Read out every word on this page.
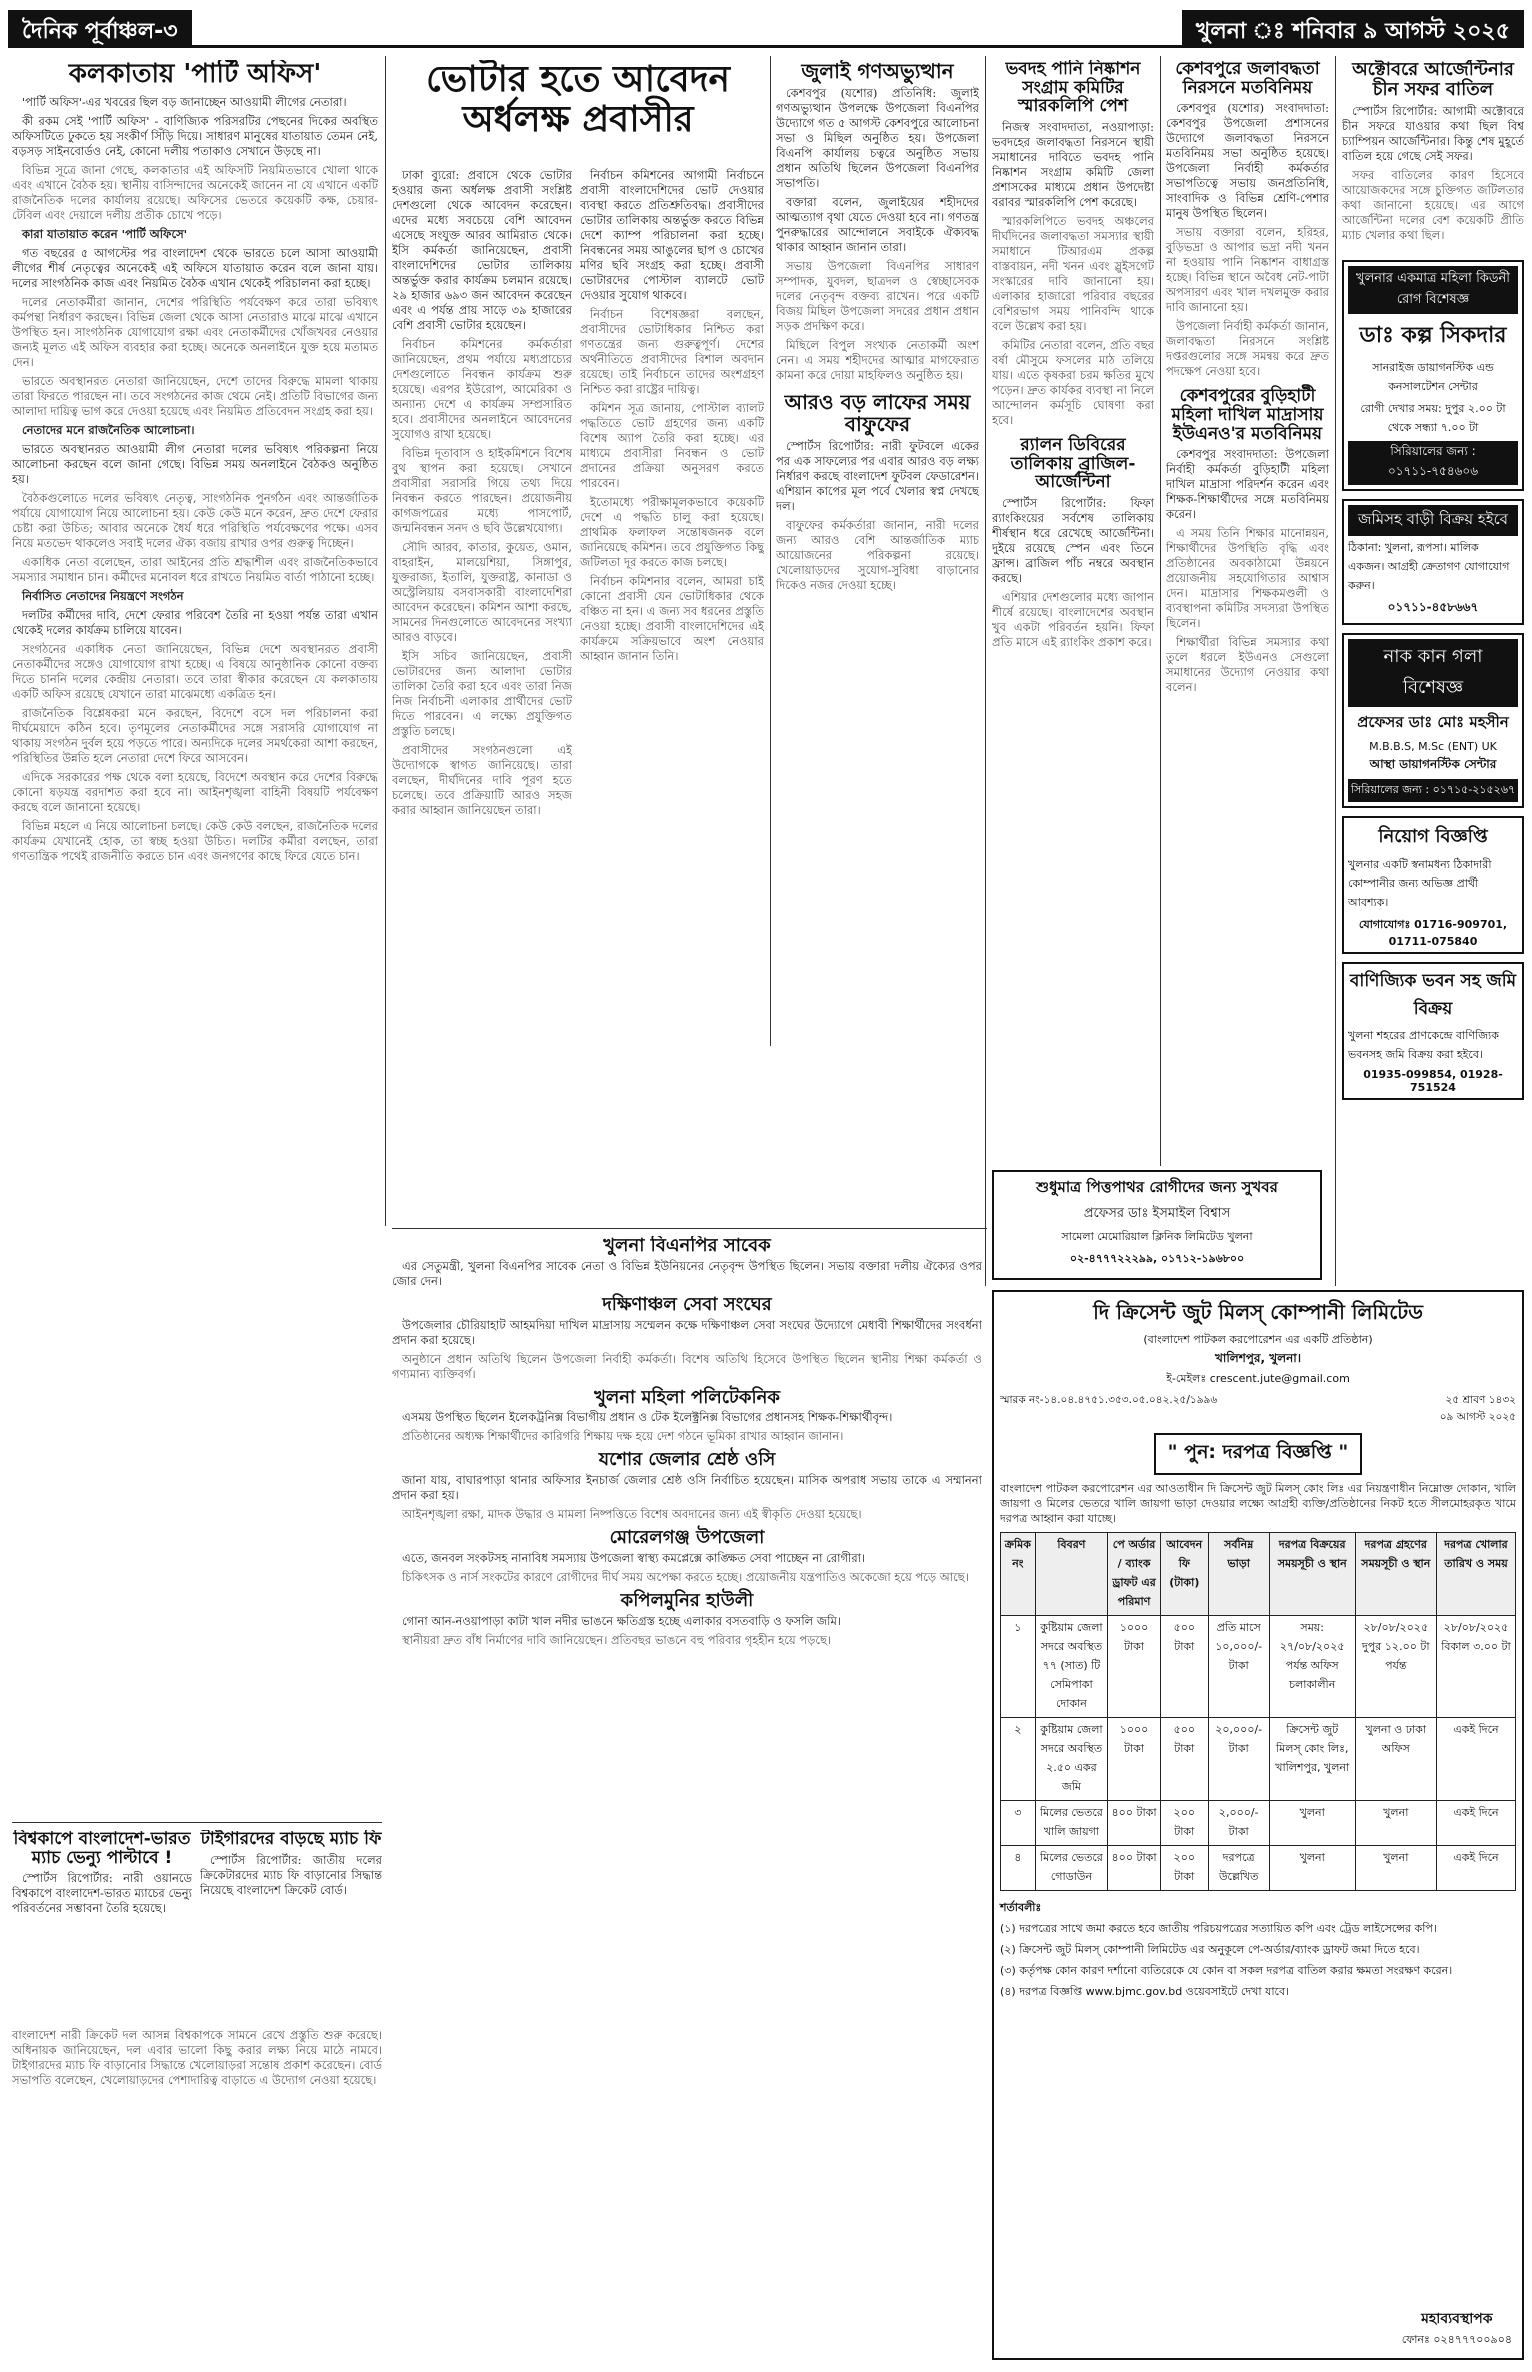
দৈনিক পূর্বাঞ্চল-৩	খুলনা ঃ শনিবার ৯ আগস্ট ২০২৫
কলকাতায় 'পার্টি অফিস'

'পার্টি অফিস'-এর খবরের ছিল বড় জানাচ্ছেন আওয়ামী লীগের নেতারা।

কী রকম সেই 'পার্টি অফিস' - বাণিজ্যিক পরিসরটির পেছনের দিকের অবস্থিত অফিসটিতে ঢুকতে হয় সংকীর্ণ সিঁড়ি দিয়ে। সাধারণ মানুষের যাতায়াত তেমন নেই, বড়সড় সাইনবোর্ডও নেই, কোনো দলীয় পতাকাও সেখানে উড়ছে না।

বিভিন্ন সূত্রে জানা গেছে, কলকাতার এই অফিসটি নিয়মিতভাবে খোলা থাকে এবং এখানে বৈঠক হয়। স্থানীয় বাসিন্দাদের অনেকেই জানেন না যে এখানে একটি রাজনৈতিক দলের কার্যালয় রয়েছে। অফিসের ভেতরে কয়েকটি কক্ষ, চেয়ার-টেবিল এবং দেয়ালে দলীয় প্রতীক চোখে পড়ে।

কারা যাতায়াত করেন 'পার্টি অফিসে'

গত বছরের ৫ আগস্টের পর বাংলাদেশ থেকে ভারতে চলে আসা আওয়ামী লীগের শীর্ষ নেতৃত্বের অনেকেই এই অফিসে যাতায়াত করেন বলে জানা যায়। দলের সাংগঠনিক কাজ এবং নিয়মিত বৈঠক এখান থেকেই পরিচালনা করা হচ্ছে।

দলের নেতাকর্মীরা জানান, দেশের পরিস্থিতি পর্যবেক্ষণ করে তারা ভবিষ্যৎ কর্মপন্থা নির্ধারণ করছেন। বিভিন্ন জেলা থেকে আসা নেতারাও মাঝে মাঝে এখানে উপস্থিত হন। সাংগঠনিক যোগাযোগ রক্ষা এবং নেতাকর্মীদের খোঁজখবর নেওয়ার জন্যই মূলত এই অফিস ব্যবহার করা হচ্ছে। অনেকে অনলাইনে যুক্ত হয়ে মতামত দেন।

ভারতে অবস্থানরত নেতারা জানিয়েছেন, দেশে তাদের বিরুদ্ধে মামলা থাকায় তারা ফিরতে পারছেন না। তবে সংগঠনের কাজ থেমে নেই। প্রতিটি বিভাগের জন্য আলাদা দায়িত্ব ভাগ করে দেওয়া হয়েছে এবং নিয়মিত প্রতিবেদন সংগ্রহ করা হয়।

নেতাদের মনে রাজনৈতিক আলোচনা।

ভারতে অবস্থানরত আওয়ামী লীগ নেতারা দলের ভবিষ্যৎ পরিকল্পনা নিয়ে আলোচনা করছেন বলে জানা গেছে। বিভিন্ন সময় অনলাইনে বৈঠকও অনুষ্ঠিত হয়।

বৈঠকগুলোতে দলের ভবিষ্যৎ নেতৃত্ব, সাংগঠনিক পুনর্গঠন এবং আন্তর্জাতিক পর্যায়ে যোগাযোগ নিয়ে আলোচনা হয়। কেউ কেউ মনে করেন, দ্রুত দেশে ফেরার চেষ্টা করা উচিত; আবার অনেকে ধৈর্য ধরে পরিস্থিতি পর্যবেক্ষণের পক্ষে। এসব নিয়ে মতভেদ থাকলেও সবাই দলের ঐক্য বজায় রাখার ওপর গুরুত্ব দিচ্ছেন।

একাধিক নেতা বলেছেন, তারা আইনের প্রতি শ্রদ্ধাশীল এবং রাজনৈতিকভাবে সমস্যার সমাধান চান। কর্মীদের মনোবল ধরে রাখতে নিয়মিত বার্তা পাঠানো হচ্ছে।

নির্বাসিত নেতাদের নিয়ন্ত্রণে সংগঠন

দলটির কর্মীদের দাবি, দেশে ফেরার পরিবেশ তৈরি না হওয়া পর্যন্ত তারা এখান থেকেই দলের কার্যক্রম চালিয়ে যাবেন।

সংগঠনের একাধিক নেতা জানিয়েছেন, বিভিন্ন দেশে অবস্থানরত প্রবাসী নেতাকর্মীদের সঙ্গেও যোগাযোগ রাখা হচ্ছে। এ বিষয়ে আনুষ্ঠানিক কোনো বক্তব্য দিতে চাননি দলের কেন্দ্রীয় নেতারা। তবে তারা স্বীকার করেছেন যে কলকাতায় একটি অফিস রয়েছে যেখানে তারা মাঝেমধ্যে একত্রিত হন।

রাজনৈতিক বিশ্লেষকরা মনে করছেন, বিদেশে বসে দল পরিচালনা করা দীর্ঘমেয়াদে কঠিন হবে। তৃণমূলের নেতাকর্মীদের সঙ্গে সরাসরি যোগাযোগ না থাকায় সংগঠন দুর্বল হয়ে পড়তে পারে। অন্যদিকে দলের সমর্থকেরা আশা করছেন, পরিস্থিতির উন্নতি হলে নেতারা দেশে ফিরে আসবেন।

এদিকে সরকারের পক্ষ থেকে বলা হয়েছে, বিদেশে অবস্থান করে দেশের বিরুদ্ধে কোনো ষড়যন্ত্র বরদাশত করা হবে না। আইনশৃঙ্খলা বাহিনী বিষয়টি পর্যবেক্ষণ করছে বলে জানানো হয়েছে।

বিভিন্ন মহলে এ নিয়ে আলোচনা চলছে। কেউ কেউ বলছেন, রাজনৈতিক দলের কার্যক্রম যেখানেই হোক, তা স্বচ্ছ হওয়া উচিত। দলটির কর্মীরা বলছেন, তারা গণতান্ত্রিক পথেই রাজনীতি করতে চান এবং জনগণের কাছে ফিরে যেতে চান।

ভোটার হতে আবেদন
অর্ধলক্ষ প্রবাসীর

ঢাকা ব্যুরো: প্রবাসে থেকে ভোটার হওয়ার জন্য অর্ধলক্ষ প্রবাসী সংশ্লিষ্ট দেশগুলো থেকে আবেদন করেছেন। এদের মধ্যে সবচেয়ে বেশি আবেদন এসেছে সংযুক্ত আরব আমিরাত থেকে। ইসি কর্মকর্তা জানিয়েছেন, প্রবাসী বাংলাদেশিদের ভোটার তালিকায় অন্তর্ভুক্ত করার কার্যক্রম চলমান রয়েছে। ২৯ হাজার ৬৯৩ জন আবেদন করেছেন এবং এ পর্যন্ত প্রায় সাড়ে ৩৯ হাজারের বেশি প্রবাসী ভোটার হয়েছেন।

নির্বাচন কমিশনের কর্মকর্তারা জানিয়েছেন, প্রথম পর্যায়ে মধ্যপ্রাচ্যের দেশগুলোতে নিবন্ধন কার্যক্রম শুরু হয়েছে। এরপর ইউরোপ, আমেরিকা ও অন্যান্য দেশে এ কার্যক্রম সম্প্রসারিত হবে। প্রবাসীদের অনলাইনে আবেদনের সুযোগও রাখা হয়েছে।

বিভিন্ন দূতাবাস ও হাইকমিশনে বিশেষ বুথ স্থাপন করা হয়েছে। সেখানে প্রবাসীরা সরাসরি গিয়ে তথ্য দিয়ে নিবন্ধন করতে পারছেন। প্রয়োজনীয় কাগজপত্রের মধ্যে পাসপোর্ট, জন্মনিবন্ধন সনদ ও ছবি উল্লেখযোগ্য।

সৌদি আরব, কাতার, কুয়েত, ওমান, বাহরাইন, মালয়েশিয়া, সিঙ্গাপুর, যুক্তরাজ্য, ইতালি, যুক্তরাষ্ট্র, কানাডা ও অস্ট্রেলিয়ায় বসবাসকারী বাংলাদেশিরা আবেদন করেছেন। কমিশন আশা করছে, সামনের দিনগুলোতে আবেদনের সংখ্যা আরও বাড়বে।

ইসি সচিব জানিয়েছেন, প্রবাসী ভোটারদের জন্য আলাদা ভোটার তালিকা তৈরি করা হবে এবং তারা নিজ নিজ নির্বাচনী এলাকার প্রার্থীদের ভোট দিতে পারবেন। এ লক্ষ্যে প্রযুক্তিগত প্রস্তুতি চলছে।

প্রবাসীদের সংগঠনগুলো এই উদ্যোগকে স্বাগত জানিয়েছে। তারা বলছেন, দীর্ঘদিনের দাবি পূরণ হতে চলেছে। তবে প্রক্রিয়াটি আরও সহজ করার আহ্বান জানিয়েছেন তারা।

নির্বাচন কমিশনের আগামী নির্বাচনে প্রবাসী বাংলাদেশিদের ভোট দেওয়ার ব্যবস্থা করতে প্রতিশ্রুতিবদ্ধ। প্রবাসীদের ভোটার তালিকায় অন্তর্ভুক্ত করতে বিভিন্ন দেশে ক্যাম্প পরিচালনা করা হচ্ছে। নিবন্ধনের সময় আঙুলের ছাপ ও চোখের মণির ছবি সংগ্রহ করা হচ্ছে। প্রবাসী ভোটারদের পোস্টাল ব্যালটে ভোট দেওয়ার সুযোগ থাকবে।

নির্বাচন বিশেষজ্ঞরা বলছেন, প্রবাসীদের ভোটাধিকার নিশ্চিত করা গণতন্ত্রের জন্য গুরুত্বপূর্ণ। দেশের অর্থনীতিতে প্রবাসীদের বিশাল অবদান রয়েছে। তাই নির্বাচনে তাদের অংশগ্রহণ নিশ্চিত করা রাষ্ট্রের দায়িত্ব।

কমিশন সূত্র জানায়, পোস্টাল ব্যালট পদ্ধতিতে ভোট গ্রহণের জন্য একটি বিশেষ অ্যাপ তৈরি করা হচ্ছে। এর মাধ্যমে প্রবাসীরা নিবন্ধন ও ভোট প্রদানের প্রক্রিয়া অনুসরণ করতে পারবেন।

ইতোমধ্যে পরীক্ষামূলকভাবে কয়েকটি দেশে এ পদ্ধতি চালু করা হয়েছে। প্রাথমিক ফলাফল সন্তোষজনক বলে জানিয়েছে কমিশন। তবে প্রযুক্তিগত কিছু জটিলতা দূর করতে কাজ চলছে।

নির্বাচন কমিশনার বলেন, আমরা চাই কোনো প্রবাসী যেন ভোটাধিকার থেকে বঞ্চিত না হন। এ জন্য সব ধরনের প্রস্তুতি নেওয়া হচ্ছে। প্রবাসী বাংলাদেশিদের এই কার্যক্রমে সক্রিয়ভাবে অংশ নেওয়ার আহ্বান জানান তিনি।

জুলাই গণঅভ্যুত্থান

কেশবপুর (যশোর) প্রতিনিধি: জুলাই গণঅভ্যুত্থান উপলক্ষে উপজেলা বিএনপির উদ্যোগে গত ৫ আগস্ট কেশবপুরে আলোচনা সভা ও মিছিল অনুষ্ঠিত হয়। উপজেলা বিএনপি কার্যালয় চত্বরে অনুষ্ঠিত সভায় প্রধান অতিথি ছিলেন উপজেলা বিএনপির সভাপতি।

বক্তারা বলেন, জুলাইয়ের শহীদদের আত্মত্যাগ বৃথা যেতে দেওয়া হবে না। গণতন্ত্র পুনরুদ্ধারের আন্দোলনে সবাইকে ঐক্যবদ্ধ থাকার আহ্বান জানান তারা।

সভায় উপজেলা বিএনপির সাধারণ সম্পাদক, যুবদল, ছাত্রদল ও স্বেচ্ছাসেবক দলের নেতৃবৃন্দ বক্তব্য রাখেন। পরে একটি বিজয় মিছিল উপজেলা সদরের প্রধান প্রধান সড়ক প্রদক্ষিণ করে।

মিছিলে বিপুল সংখ্যক নেতাকর্মী অংশ নেন। এ সময় শহীদদের আত্মার মাগফেরাত কামনা করে দোয়া মাহফিলও অনুষ্ঠিত হয়।

আরও বড় লাফের সময় বাফুফের

স্পোর্টস রিপোর্টার: নারী ফুটবলে একের পর এক সাফল্যের পর এবার আরও বড় লক্ষ্য নির্ধারণ করছে বাংলাদেশ ফুটবল ফেডারেশন। এশিয়ান কাপের মূল পর্বে খেলার স্বপ্ন দেখছে দল।

বাফুফের কর্মকর্তারা জানান, নারী দলের জন্য আরও বেশি আন্তর্জাতিক ম্যাচ আয়োজনের পরিকল্পনা রয়েছে। খেলোয়াড়দের সুযোগ-সুবিধা বাড়ানোর দিকেও নজর দেওয়া হচ্ছে।

ভবদহ পানি নিষ্কাশন সংগ্রাম কমিটির স্মারকলিপি পেশ

নিজস্ব সংবাদদাতা, নওয়াপাড়া: ভবদহের জলাবদ্ধতা নিরসনে স্থায়ী সমাধানের দাবিতে ভবদহ পানি নিষ্কাশন সংগ্রাম কমিটি জেলা প্রশাসকের মাধ্যমে প্রধান উপদেষ্টা বরাবর স্মারকলিপি পেশ করেছে।

স্মারকলিপিতে ভবদহ অঞ্চলের দীর্ঘদিনের জলাবদ্ধতা সমস্যার স্থায়ী সমাধানে টিআরএম প্রকল্প বাস্তবায়ন, নদী খনন এবং স্লুইসগেট সংস্কারের দাবি জানানো হয়। এলাকার হাজারো পরিবার বছরের বেশিরভাগ সময় পানিবন্দি থাকে বলে উল্লেখ করা হয়।

কমিটির নেতারা বলেন, প্রতি বছর বর্ষা মৌসুমে ফসলের মাঠ তলিয়ে যায়। এতে কৃষকরা চরম ক্ষতির মুখে পড়েন। দ্রুত কার্যকর ব্যবস্থা না নিলে আন্দোলন কর্মসূচি ঘোষণা করা হবে।

র‍্যালন ডিবিরের তালিকায় ব্রাজিল-আর্জেন্টিনা

স্পোর্টস রিপোর্টার: ফিফা র‍্যাংকিংয়ের সর্বশেষ তালিকায় শীর্ষস্থান ধরে রেখেছে আর্জেন্টিনা। দুইয়ে রয়েছে স্পেন এবং তিনে ফ্রান্স। ব্রাজিল পাঁচ নম্বরে অবস্থান করছে।

এশিয়ার দেশগুলোর মধ্যে জাপান শীর্ষে রয়েছে। বাংলাদেশের অবস্থান খুব একটা পরিবর্তন হয়নি। ফিফা প্রতি মাসে এই র‍্যাংকিং প্রকাশ করে।

কেশবপুরে জলাবদ্ধতা নিরসনে মতবিনিময়

কেশবপুর (যশোর) সংবাদদাতা: কেশবপুর উপজেলা প্রশাসনের উদ্যোগে জলাবদ্ধতা নিরসনে মতবিনিময় সভা অনুষ্ঠিত হয়েছে। উপজেলা নির্বাহী কর্মকর্তার সভাপতিত্বে সভায় জনপ্রতিনিধি, সাংবাদিক ও বিভিন্ন শ্রেণি-পেশার মানুষ উপস্থিত ছিলেন।

সভায় বক্তারা বলেন, হরিহর, বুড়িভদ্রা ও আপার ভদ্রা নদী খনন না হওয়ায় পানি নিষ্কাশন বাধাগ্রস্ত হচ্ছে। বিভিন্ন স্থানে অবৈধ নেট-পাটা অপসারণ এবং খাল দখলমুক্ত করার দাবি জানানো হয়।

উপজেলা নির্বাহী কর্মকর্তা জানান, জলাবদ্ধতা নিরসনে সংশ্লিষ্ট দপ্তরগুলোর সঙ্গে সমন্বয় করে দ্রুত পদক্ষেপ নেওয়া হবে।

কেশবপুরের বুড়িহাটী মহিলা দাখিল মাদ্রাসায় ইউএনও'র মতবিনিময়

কেশবপুর সংবাদদাতা: উপজেলা নির্বাহী কর্মকর্তা বুড়িহাটী মহিলা দাখিল মাদ্রাসা পরিদর্শন করেন এবং শিক্ষক-শিক্ষার্থীদের সঙ্গে মতবিনিময় করেন।

এ সময় তিনি শিক্ষার মানোন্নয়ন, শিক্ষার্থীদের উপস্থিতি বৃদ্ধি এবং প্রতিষ্ঠানের অবকাঠামো উন্নয়নে প্রয়োজনীয় সহযোগিতার আশ্বাস দেন। মাদ্রাসার শিক্ষকমণ্ডলী ও ব্যবস্থাপনা কমিটির সদস্যরা উপস্থিত ছিলেন।

শিক্ষার্থীরা বিভিন্ন সমস্যার কথা তুলে ধরলে ইউএনও সেগুলো সমাধানের উদ্যোগ নেওয়ার কথা বলেন।

অক্টোবরে আর্জেন্টিনার চীন সফর বাতিল

স্পোর্টস রিপোর্টার: আগামী অক্টোবরে চীন সফরে যাওয়ার কথা ছিল বিশ্ব চ্যাম্পিয়ন আর্জেন্টিনার। কিন্তু শেষ মুহূর্তে বাতিল হয়ে গেছে সেই সফর।

সফর বাতিলের কারণ হিসেবে আয়োজকদের সঙ্গে চুক্তিগত জটিলতার কথা জানানো হয়েছে। এর আগে আর্জেন্টিনা দলের বেশ কয়েকটি প্রীতি ম্যাচ খেলার কথা ছিল।

খুলনার একমাত্র মহিলা কিডনী রোগ বিশেষজ্ঞ
ডাঃ কল্প সিকদার
সানরাইজ ডায়াগনস্টিক এন্ড কনসালটেশন সেন্টার
রোগী দেখার সময়: দুপুর ২.০০ টা থেকে সন্ধ্যা ৭.০০ টা
সিরিয়ালের জন্য : ০১৭১১-৭৫৪৬০৬
জমিসহ বাড়ী বিক্রয় হইবে
ঠিকানা: খুলনা, রূপসা। মালিক একজন। আগ্রহী ক্রেতাগণ যোগাযোগ করুন।
০১৭১১-৪৫৮৬৬৭
নাক কান গলা বিশেষজ্ঞ
প্রফেসর ডাঃ মোঃ মহসীন
M.B.B.S, M.Sc (ENT) UK
আস্থা ডায়াগনস্টিক সেন্টার
সিরিয়ালের জন্য : ০১৭১৫-২১৫২৬৭
নিয়োগ বিজ্ঞপ্তি
খুলনার একটি স্বনামধন্য ঠিকাদারী কোম্পানীর জন্য অভিজ্ঞ প্রার্থী আবশ্যক।
যোগাযোগঃ 01716-909701, 01711-075840
বাণিজ্যিক ভবন সহ জমি বিক্রয়
খুলনা শহরের প্রাণকেন্দ্রে বাণিজ্যিক ভবনসহ জমি বিক্রয় করা হইবে।
01935-099854, 01928-751524
খুলনা বিএনপির সাবেক

এর সেতুমন্ত্রী, খুলনা বিএনপির সাবেক নেতা ও বিভিন্ন ইউনিয়নের নেতৃবৃন্দ উপস্থিত ছিলেন। সভায় বক্তারা দলীয় ঐক্যের ওপর জোর দেন।

দক্ষিণাঞ্চল সেবা সংঘের

উপজেলার চৌরিয়াহাট আহমদিয়া দাখিল মাদ্রাসায় সম্মেলন কক্ষে দক্ষিণাঞ্চল সেবা সংঘের উদ্যোগে মেধাবী শিক্ষার্থীদের সংবর্ধনা প্রদান করা হয়েছে।

অনুষ্ঠানে প্রধান অতিথি ছিলেন উপজেলা নির্বাহী কর্মকর্তা। বিশেষ অতিথি হিসেবে উপস্থিত ছিলেন স্থানীয় শিক্ষা কর্মকর্তা ও গণ্যমান্য ব্যক্তিবর্গ।

খুলনা মহিলা পলিটেকনিক

এসময় উপস্থিত ছিলেন ইলেকট্রনিক্স বিভাগীয় প্রধান ও টেক ইলেক্ট্রনিক্স বিভাগের প্রধানসহ শিক্ষক-শিক্ষার্থীবৃন্দ।

প্রতিষ্ঠানের অধ্যক্ষ শিক্ষার্থীদের কারিগরি শিক্ষায় দক্ষ হয়ে দেশ গঠনে ভূমিকা রাখার আহ্বান জানান।

যশোর জেলার শ্রেষ্ঠ ওসি

জানা যায়, বাঘারপাড়া থানার অফিসার ইনচার্জ জেলার শ্রেষ্ঠ ওসি নির্বাচিত হয়েছেন। মাসিক অপরাধ সভায় তাকে এ সম্মাননা প্রদান করা হয়।

আইনশৃঙ্খলা রক্ষা, মাদক উদ্ধার ও মামলা নিষ্পত্তিতে বিশেষ অবদানের জন্য এই স্বীকৃতি দেওয়া হয়েছে।

মোরেলগঞ্জ উপজেলা

এতে, জনবল সংকটসহ নানাবিধ সমস্যায় উপজেলা স্বাস্থ্য কমপ্লেক্সে কাঙ্ক্ষিত সেবা পাচ্ছেন না রোগীরা।

চিকিৎসক ও নার্স সংকটের কারণে রোগীদের দীর্ঘ সময় অপেক্ষা করতে হচ্ছে। প্রয়োজনীয় যন্ত্রপাতিও অকেজো হয়ে পড়ে আছে।

কপিলমুনির হাউলী

গোনা আন-নওয়াপাড়া কাটা খাল নদীর ভাঙনে ক্ষতিগ্রস্ত হচ্ছে এলাকার বসতবাড়ি ও ফসলি জমি।

স্থানীয়রা দ্রুত বাঁধ নির্মাণের দাবি জানিয়েছেন। প্রতিবছর ভাঙনে বহু পরিবার গৃহহীন হয়ে পড়ছে।

বিশ্বকাপে বাংলাদেশ-ভারত ম্যাচ ভেন্যু পাল্টাবে !

স্পোর্টস রিপোর্টার: নারী ওয়ানডে বিশ্বকাপে বাংলাদেশ-ভারত ম্যাচের ভেন্যু পরিবর্তনের সম্ভাবনা তৈরি হয়েছে।

টাইগারদের বাড়ছে ম্যাচ ফি

স্পোর্টস রিপোর্টার: জাতীয় দলের ক্রিকেটারদের ম্যাচ ফি বাড়ানোর সিদ্ধান্ত নিয়েছে বাংলাদেশ ক্রিকেট বোর্ড।

শুধুমাত্র পিত্তপাথর রোগীদের জন্য সুখবর
প্রফেসর ডাঃ ইসমাইল বিশ্বাস
সামেলা মেমোরিয়াল ক্লিনিক লিমিটেড খুলনা
০২-৪৭৭৭২২২৯৯, ০১৭১২-১৯৬৮০০
দি ক্রিসেন্ট জুট মিলস্ কোম্পানী লিমিটেড
(বাংলাদেশ পাটকল করপোরেশন এর একটি প্রতিষ্ঠান)
খালিশপুর, খুলনা।
ই-মেইলঃ crescent.jute@gmail.com
স্মারক নং-১৪.০৪.৪৭৫১.৩৫৩.০৫.০৪২.২৫/১৯৯৬	২৫ শ্রাবণ ১৪৩২
০৯ আগস্ট ২০২৫
" পুন: দরপত্র বিজ্ঞপ্তি "
বাংলাদেশ পাটকল করপোরেশন এর আওতাধীন দি ক্রিসেন্ট জুট মিলস্ কোং লিঃ এর নিয়ন্ত্রণাধীন নিম্নোক্ত দোকান, খালি জায়গা ও মিলের ভেতরে খালি জায়গা ভাড়া দেওয়ার লক্ষ্যে আগ্রহী ব্যক্তি/প্রতিষ্ঠানের নিকট হতে সীলমোহরকৃত খামে দরপত্র আহ্বান করা যাচ্ছে।
ক্রমিক নং	বিবরণ	পে অর্ডার / ব্যাংক ড্রাফট এর পরিমাণ	আবেদন ফি (টাকা)	সর্বনিম্ন ভাড়া	দরপত্র বিক্রয়ের সময়সূচী ও স্থান	দরপত্র গ্রহণের সময়সূচী ও স্থান	দরপত্র খোলার তারিখ ও সময়
১	কুষ্টিয়াম জেলা সদরে অবস্থিত ৭৭ (সাত) টি সেমিপাকা দোকান	১০০০ টাকা	৫০০ টাকা	প্রতি মাসে ১০,০০০/- টাকা	সময়: ২৭/০৮/২০২৫ পর্যন্ত অফিস চলাকালীন	২৮/০৮/২০২৫ দুপুর ১২.০০ টা পর্যন্ত	২৮/০৮/২০২৫ বিকাল ৩.০০ টা
২	কুষ্টিয়াম জেলা সদরে অবস্থিত ২.৫০ একর জমি	১০০০ টাকা	৫০০ টাকা	২০,০০০/- টাকা	ক্রিসেন্ট জুট মিলস্ কোং লিঃ, খালিশপুর, খুলনা	খুলনা ও ঢাকা অফিস	একই দিনে
৩	মিলের ভেতরে খালি জায়গা	৪০০ টাকা	২০০ টাকা	২,০০০/- টাকা	খুলনা	খুলনা	একই দিনে
৪	মিলের ভেতরে গোডাউন	৪০০ টাকা	২০০ টাকা	দরপত্রে উল্লেখিত	খুলনা	খুলনা	একই দিনে
শর্তাবলীঃ
(১) দরপত্রের সাথে জমা করতে হবে জাতীয় পরিচয়পত্রের সত্যায়িত কপি এবং ট্রেড লাইসেন্সের কপি।
(২) ক্রিসেন্ট জুট মিলস্ কোম্পানী লিমিটেড এর অনুকূলে পে-অর্ডার/ব্যাংক ড্রাফট জমা দিতে হবে।
(৩) কর্তৃপক্ষ কোন কারণ দর্শানো ব্যতিরেকে যে কোন বা সকল দরপত্র বাতিল করার ক্ষমতা সংরক্ষণ করেন।
(৪) দরপত্র বিজ্ঞপ্তি www.bjmc.gov.bd ওয়েবসাইটে দেখা যাবে।
মহাব্যবস্থাপক
ফোনঃ ০২৪৭৭৭০০৯০৪
বাংলাদেশ নারী ক্রিকেট দল আসন্ন বিশ্বকাপকে সামনে রেখে প্রস্তুতি শুরু করেছে। অধিনায়ক জানিয়েছেন, দল এবার ভালো কিছু করার লক্ষ্য নিয়ে মাঠে নামবে। টাইগারদের ম্যাচ ফি বাড়ানোর সিদ্ধান্তে খেলোয়াড়রা সন্তোষ প্রকাশ করেছেন। বোর্ড সভাপতি বলেছেন, খেলোয়াড়দের পেশাদারিত্ব বাড়াতে এ উদ্যোগ নেওয়া হয়েছে।
